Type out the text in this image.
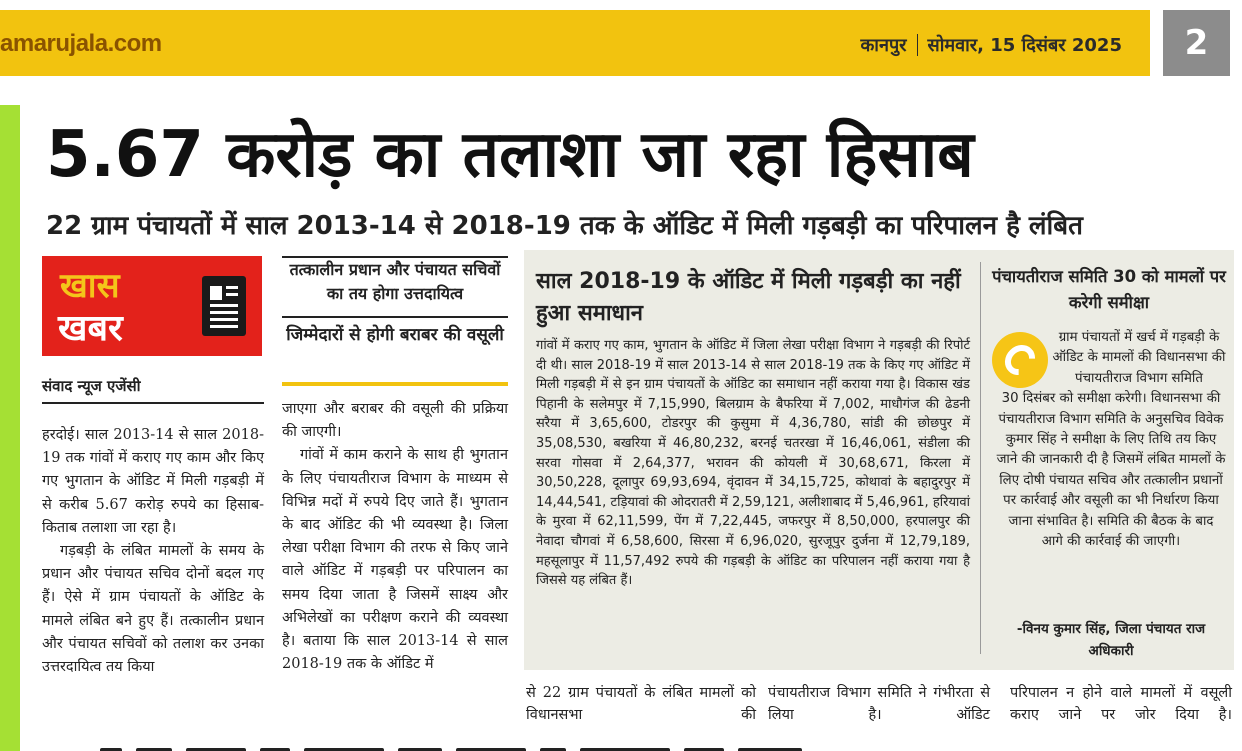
amarujala.com	कानपुर सोमवार, 15 दिसंबर 2025	2
5.67 करोड़ का तलाशा जा रहा हिसाब
22 ग्राम पंचायतों में साल 2013-14 से 2018-19 तक के ऑडिट में मिली गड़बड़ी का परिपालन है लंबित
खास
खबर
संवाद न्यूज एजेंसी

हरदोई। साल 2013-14 से साल 2018-19 तक गांवों में कराए गए काम और किए गए भुगतान के ऑडिट में मिली गड़बड़ी में से करीब 5.67 करोड़ रुपये का हिसाब-किताब तलाशा जा रहा है।

गड़बड़ी के लंबित मामलों के समय के प्रधान और पंचायत सचिव दोनों बदल गए हैं। ऐसे में ग्राम पंचायतों के ऑडिट के मामले लंबित बने हुए हैं। तत्कालीन प्रधान और पंचायत सचिवों को तलाश कर उनका उत्तरदायित्व तय किया

तत्कालीन प्रधान और पंचायत सचिवों का तय होगा उत्तदायित्व
जिम्मेदारों से होगी बराबर की वसूली

जाएगा और बराबर की वसूली की प्रक्रिया की जाएगी।

गांवों में काम कराने के साथ ही भुगतान के लिए पंचायतीराज विभाग के माध्यम से विभिन्न मदों में रुपये दिए जाते हैं। भुगतान के बाद ऑडिट की भी व्यवस्था है। जिला लेखा परीक्षा विभाग की तरफ से किए जाने वाले ऑडिट में गड़बड़ी पर परिपालन का समय दिया जाता है जिसमें साक्ष्य और अभिलेखों का परीक्षण कराने की व्यवस्था है। बताया कि साल 2013-14 से साल 2018-19 तक के ऑडिट में

साल 2018-19 के ऑडिट में मिली गड़बड़ी का नहीं हुआ समाधान
गांवों में कराए गए काम, भुगतान के ऑडिट में जिला लेखा परीक्षा विभाग ने गड़बड़ी की रिपोर्ट दी थी। साल 2018-19 में साल 2013-14 से साल 2018-19 तक के किए गए ऑडिट में मिली गड़बड़ी में से इन ग्राम पंचायतों के ऑडिट का समाधान नहीं कराया गया है। विकास खंड पिहानी के सलेमपुर में 7,15,990, बिलग्राम के बैफरिया में 7,002, माधौगंज की ढेडनी सरैया में 3,65,600, टोडरपुर की कुसुमा में 4,36,780, सांडी की छोछपुर में 35,08,530, बखरिया में 46,80,232, बरनई चतरखा में 16,46,061, संडीला की सरवा गोसवा में 2,64,377, भरावन की कोयली में 30,68,671, किरला में 30,50,228, दूलापुर 69,93,694, वृंदावन में 34,15,725, कोथावां के बहादुरपुर में 14,44,541, टड़ियावां की ओदरातरी में 2,59,121, अलीशाबाद में 5,46,961, हरियावां के मुरवा में 62,11,599, पेंग में 7,22,445, जफरपुर में 8,50,000, हरपालपुर की नेवादा चौगवां में 6,58,600, सिरसा में 6,96,020, सुरजूपुर दुर्जना में 12,79,189, महसूलापुर में 11,57,492 रुपये की गड़बड़ी के ऑडिट का परिपालन नहीं कराया गया है जिससे यह लंबित हैं।
पंचायतीराज समिति 30 को मामलों पर करेगी समीक्षा
ग्राम पंचायतों में खर्च में गड़बड़ी के ऑडिट के मामलों की विधानसभा की पंचायतीराज विभाग समिति
30 दिसंबर को समीक्षा करेगी। विधानसभा की पंचायतीराज विभाग समिति के अनुसचिव विवेक कुमार सिंह ने समीक्षा के लिए तिथि तय किए जाने की जानकारी दी है जिसमें लंबित मामलों के लिए दोषी पंचायत सचिव और तत्कालीन प्रधानों पर कार्रवाई और वसूली का भी निर्धारण किया जाना संभावित है। समिति की बैठक के बाद आगे की कार्रवाई की जाएगी।
-विनय कुमार सिंह, जिला पंचायत राज अधिकारी
से 22 ग्राम पंचायतों के लंबित मामलों को विधानसभा की
पंचायतीराज विभाग समिति ने गंभीरता से लिया है। ऑडिट
परिपालन न होने वाले मामलों में वसूली कराए जाने पर जोर दिया है।
